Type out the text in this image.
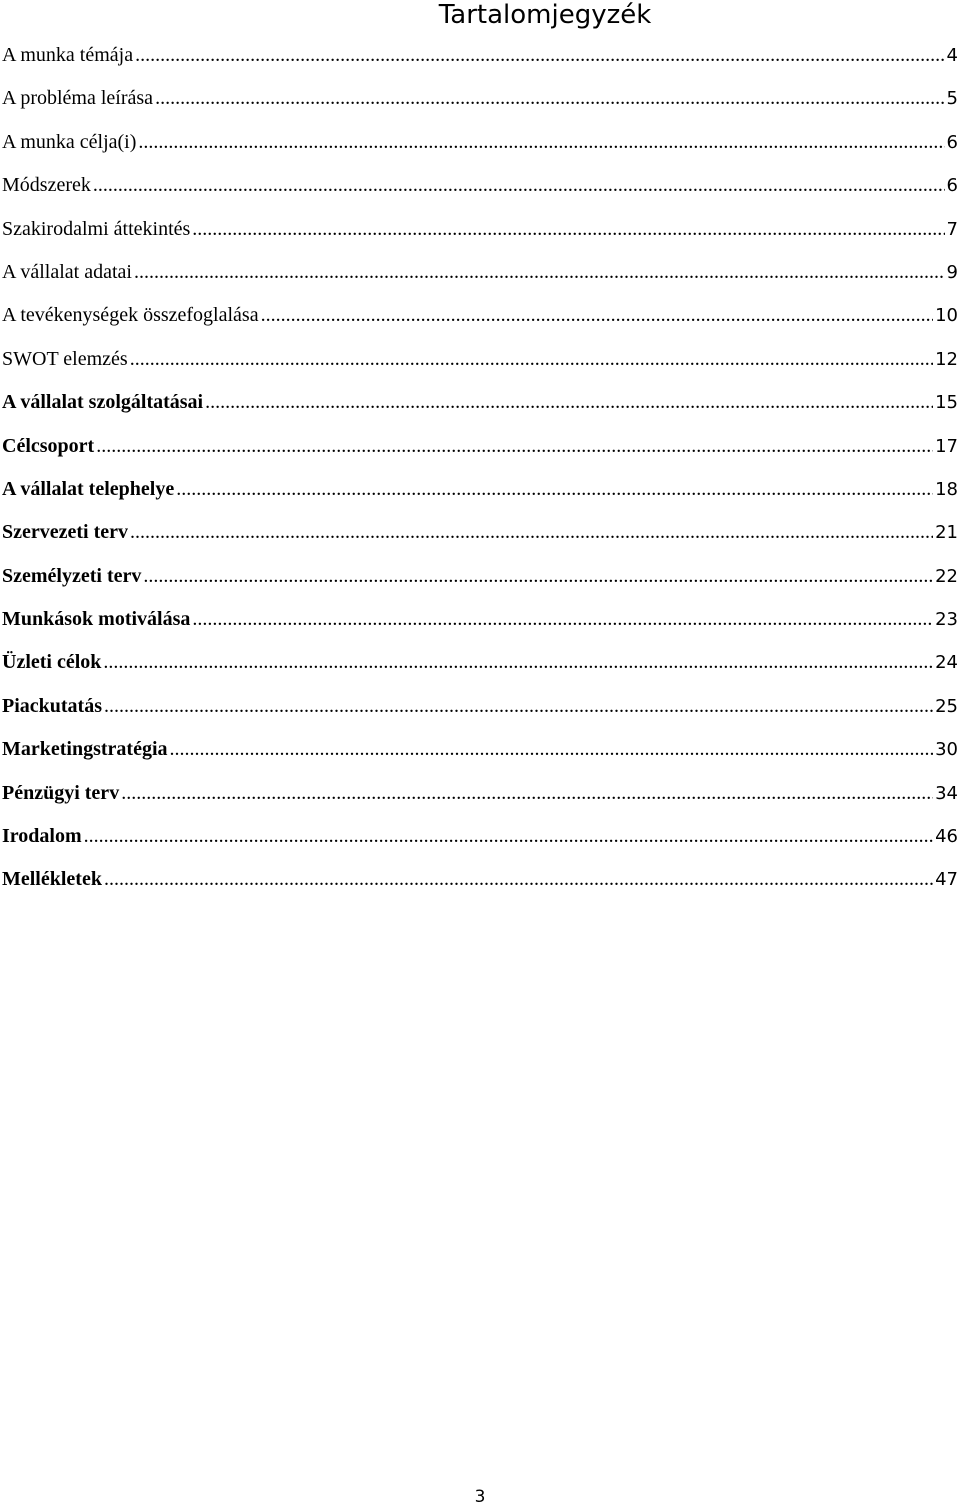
Tartalomjegyzék
A munka témája .....	4
A probléma leírása .....	5
A munka célja(i) .....	6
Módszerek .....	6
Szakirodalmi áttekintés .....	7
A vállalat adatai .....	9
A tevékenységek összefoglalása .....	10
SWOT elemzés .....	12
A vállalat szolgáltatásai .....	15
Célcsoport .....	17
A vállalat telephelye .....	18
Szervezeti terv .....	21
Személyzeti terv .....	22
Munkások motiválása .....	23
Üzleti célok .....	24
Piackutatás .....	25
Marketingstratégia .....	30
Pénzügyi terv .....	34
Irodalom .....	46
Mellékletek .....	47
3
